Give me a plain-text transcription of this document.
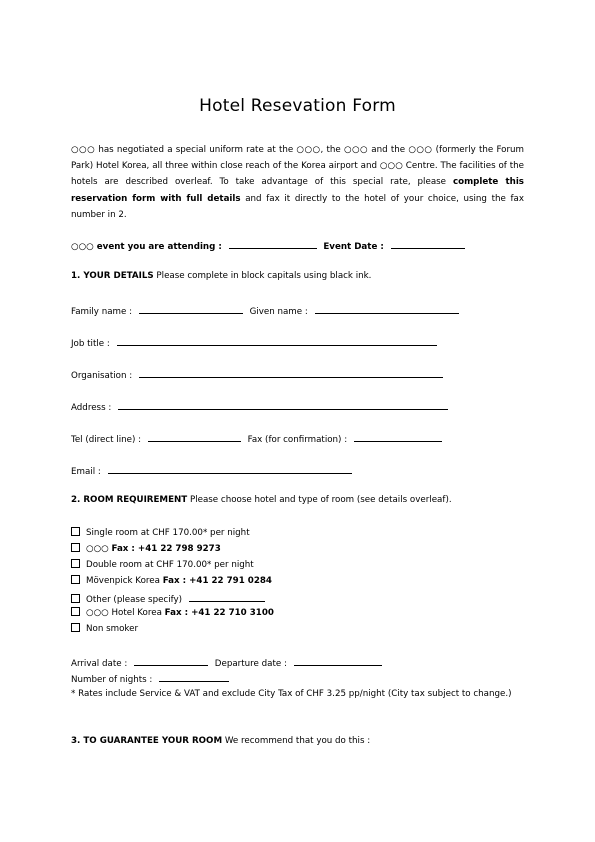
Hotel Resevation Form
○○○ has negotiated a special uniform rate at the ○○○, the ○○○ and the ○○○ (formerly the Forum Park) Hotel Korea, all three within close reach of the Korea airport and ○○○ Centre. The facilities of the hotels are described overleaf. To take advantage of this special rate, please complete this reservation form with full details and fax it directly to the hotel of your choice, using the fax number in 2.
○○○ event you are attending :	Event Date :
1. YOUR DETAILS Please complete in block capitals using black ink.
Family name :	Given name :
Job title :
Organisation :
Address :
Tel (direct line) :	Fax (for confirmation) :
Email :
2. ROOM REQUIREMENT Please choose hotel and type of room (see details overleaf).
Single room at CHF 170.00* per night
○○○ Fax : +41 22 798 9273
Double room at CHF 170.00* per night
Mövenpick Korea Fax : +41 22 791 0284
Other (please specify)
○○○ Hotel Korea Fax : +41 22 710 3100
Non smoker
Arrival date :	Departure date :
Number of nights :
* Rates include Service & VAT and exclude City Tax of CHF 3.25 pp/night (City tax subject to change.)
3. TO GUARANTEE YOUR ROOM We recommend that you do this :
